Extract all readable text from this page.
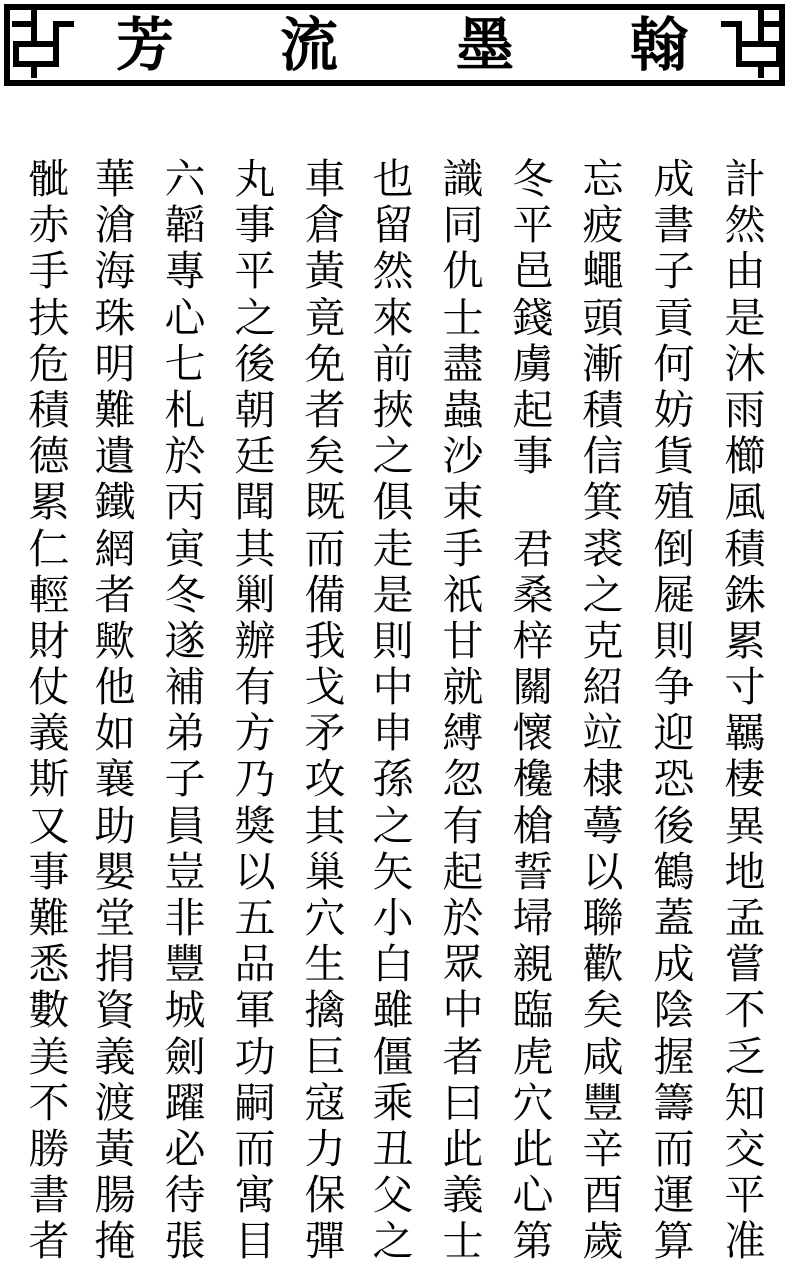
芳 流 墨 翰
計
然
由
是
沐
雨
櫛
風
積
銖
累
寸
羈
棲
異
地
孟
嘗
不
乏
知
交
平
准
成
書
子
貢
何
妨
貨
殖
倒
屣
則
争
迎
恐
後
鶴
蓋
成
陰
握
籌
而
運
算
忘
疲
蠅
頭
漸
積
信
箕
裘
之
克
紹
竝
棣
蕚
以
聯
歡
矣
咸
豐
辛
酉
歲
冬
平
邑
錢
虜
起
事

君
桑
梓
關
懷
欃
槍
誓
埽
親
臨
虎
穴
此
心
第
識
同
仇
士
盡
蟲
沙
束
手
祇
甘
就
縛
忽
有
起
於
眾
中
者
曰
此
義
士
也
留
然
來
前
挾
之
俱
走
是
則
中
申
孫
之
矢
小
白
雖
僵
乘
丑
父
之
車
倉
黃
竟
免
者
矣
既
而
備
我
戈
矛
攻
其
巢
穴
生
擒
巨
寇
力
保
彈
丸
事
平
之
後
朝
廷
聞
其
剿
辦
有
方
乃
獎
以
五
品
軍
功
嗣
而
寓
目
六
韜
專
心
七
札
於
丙
寅
冬
遂
補
弟
子
員
豈
非
豐
城
劍
躍
必
待
張
華
滄
海
珠
明
難
遺
鐵
網
者
歟
他
如
襄
助
嬰
堂
捐
資
義
渡
黃
腸
掩
骴
赤
手
扶
危
積
德
累
仁
輕
財
仗
義
斯
又
事
難
悉
數
美
不
勝
書
者
